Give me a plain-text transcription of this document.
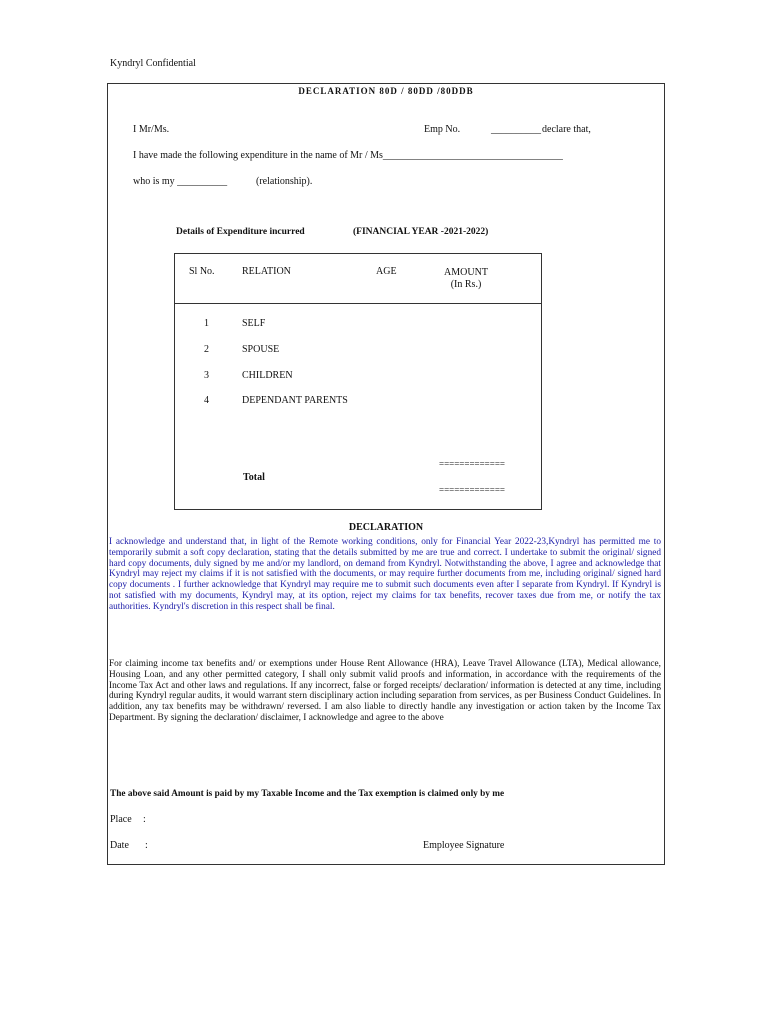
Kyndryl Confidential
DECLARATION 80D / 80DD /80DDB
I Mr/Ms.	Emp No.	__________ declare that,
I have made the following expenditure in the name of Mr / Ms____________________________________
who is my __________	(relationship).
Details of Expenditure incurred	(FINANCIAL YEAR -2021-2022)
Sl No.	RELATION	AGE	AMOUNT
(In Rs.)
1	SELF
2	SPOUSE
3	CHILDREN
4	DEPENDANT PARENTS
=============
Total
=============
DECLARATION
I acknowledge and understand that, in light of the Remote working conditions, only for Financial Year 2022-23,Kyndryl has permitted me to temporarily submit a soft copy declaration, stating that the details submitted by me are true and correct. I undertake to submit the original/ signed hard copy documents, duly signed by me and/or my landlord, on demand from Kyndryl. Notwithstanding the above, I agree and acknowledge that Kyndryl may reject my claims if it is not satisfied with the documents, or may require further documents from me, including original/ signed hard copy documents . I further acknowledge that Kyndryl may require me to submit such documents even after I separate from Kyndryl. If Kyndryl is not satisfied with my documents, Kyndryl may, at its option, reject my claims for tax benefits, recover taxes due from me, or notify the tax authorities. Kyndryl's discretion in this respect shall be final.
For claiming income tax benefits and/ or exemptions under House Rent Allowance (HRA), Leave Travel Allowance (LTA), Medical allowance, Housing Loan, and any other permitted category, I shall only submit valid proofs and information, in accordance with the requirements of the Income Tax Act and other laws and regulations. If any incorrect, false or forged receipts/ declaration/ information is detected at any time, including during Kyndryl regular audits, it would warrant stern disciplinary action including separation from services, as per Business Conduct Guidelines. In addition, any tax benefits may be withdrawn/ reversed. I am also liable to directly handle any investigation or action taken by the Income Tax Department. By signing the declaration/ disclaimer, I acknowledge and agree to the above
The above said Amount is paid by my Taxable Income and the Tax exemption is claimed only by me
Place :
Date :	Employee Signature
